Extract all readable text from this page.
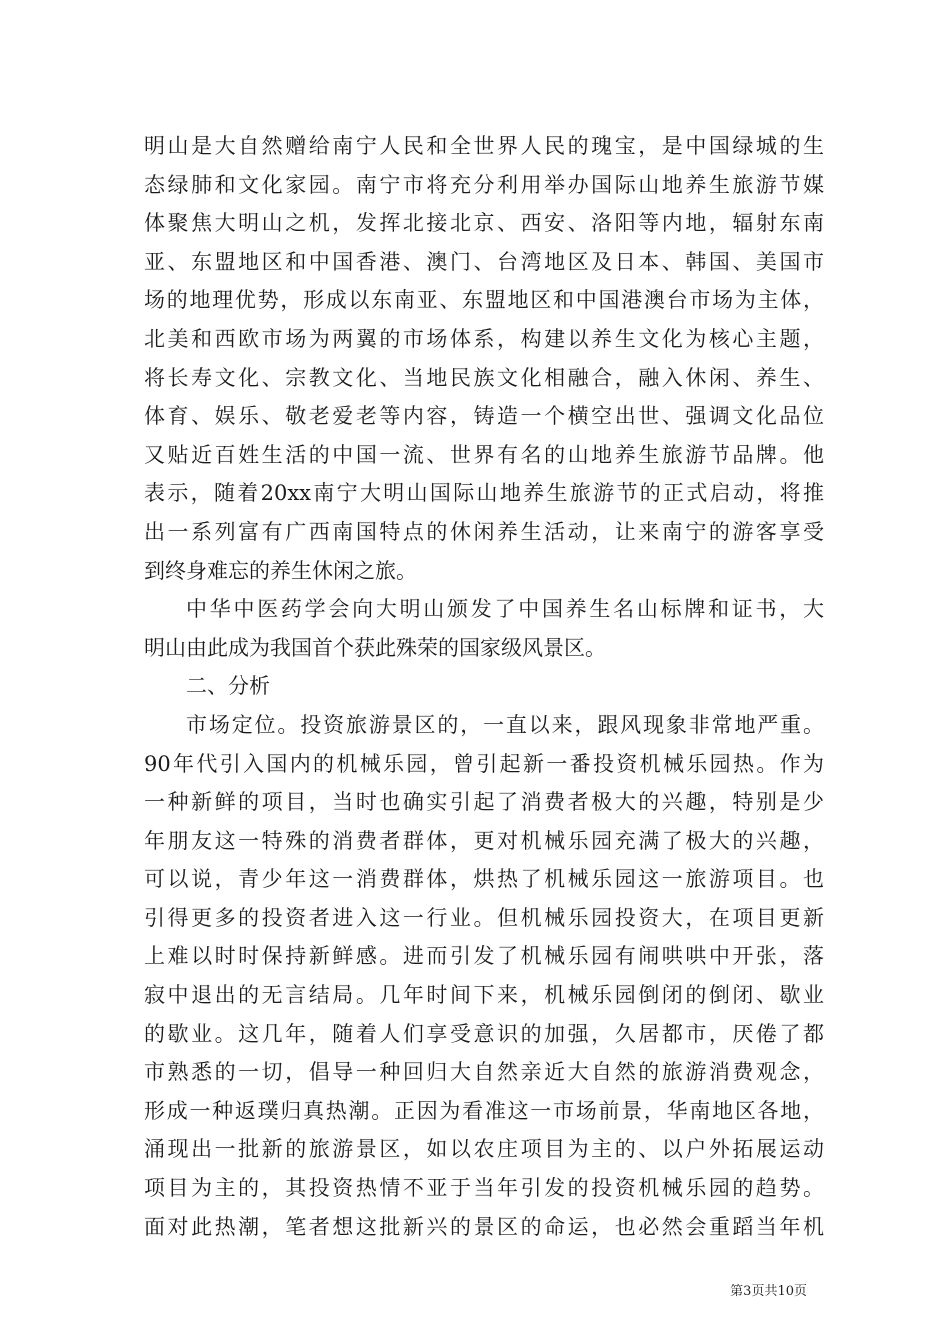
明山是大自然赠给南宁人民和全世界人民的瑰宝，是中国绿城的生
态绿肺和文化家园。南宁市将充分利用举办国际山地养生旅游节媒
体聚焦大明山之机，发挥北接北京、西安、洛阳等内地，辐射东南
亚、东盟地区和中国香港、澳门、台湾地区及日本、韩国、美国市
场的地理优势，形成以东南亚、东盟地区和中国港澳台市场为主体，
北美和西欧市场为两翼的市场体系，构建以养生文化为核心主题，
将长寿文化、宗教文化、当地民族文化相融合，融入休闲、养生、
体育、娱乐、敬老爱老等内容，铸造一个横空出世、强调文化品位
又贴近百姓生活的中国一流、世界有名的山地养生旅游节品牌。他
表示，随着20xx南宁大明山国际山地养生旅游节的正式启动，将推
出一系列富有广西南国特点的休闲养生活动，让来南宁的游客享受
到终身难忘的养生休闲之旅。
中华中医药学会向大明山颁发了中国养生名山标牌和证书，大
明山由此成为我国首个获此殊荣的国家级风景区。
二、分析
市场定位。投资旅游景区的，一直以来，跟风现象非常地严重。
90年代引入国内的机械乐园，曾引起新一番投资机械乐园热。作为
一种新鲜的项目，当时也确实引起了消费者极大的兴趣，特别是少
年朋友这一特殊的消费者群体，更对机械乐园充满了极大的兴趣，
可以说，青少年这一消费群体，烘热了机械乐园这一旅游项目。也
引得更多的投资者进入这一行业。但机械乐园投资大，在项目更新
上难以时时保持新鲜感。进而引发了机械乐园有闹哄哄中开张，落
寂中退出的无言结局。几年时间下来，机械乐园倒闭的倒闭、歇业
的歇业。这几年，随着人们享受意识的加强，久居都市，厌倦了都
市熟悉的一切，倡导一种回归大自然亲近大自然的旅游消费观念，
形成一种返璞归真热潮。正因为看准这一市场前景，华南地区各地，
涌现出一批新的旅游景区，如以农庄项目为主的、以户外拓展运动
项目为主的，其投资热情不亚于当年引发的投资机械乐园的趋势。
面对此热潮，笔者想这批新兴的景区的命运，也必然会重蹈当年机
第3页共10页
